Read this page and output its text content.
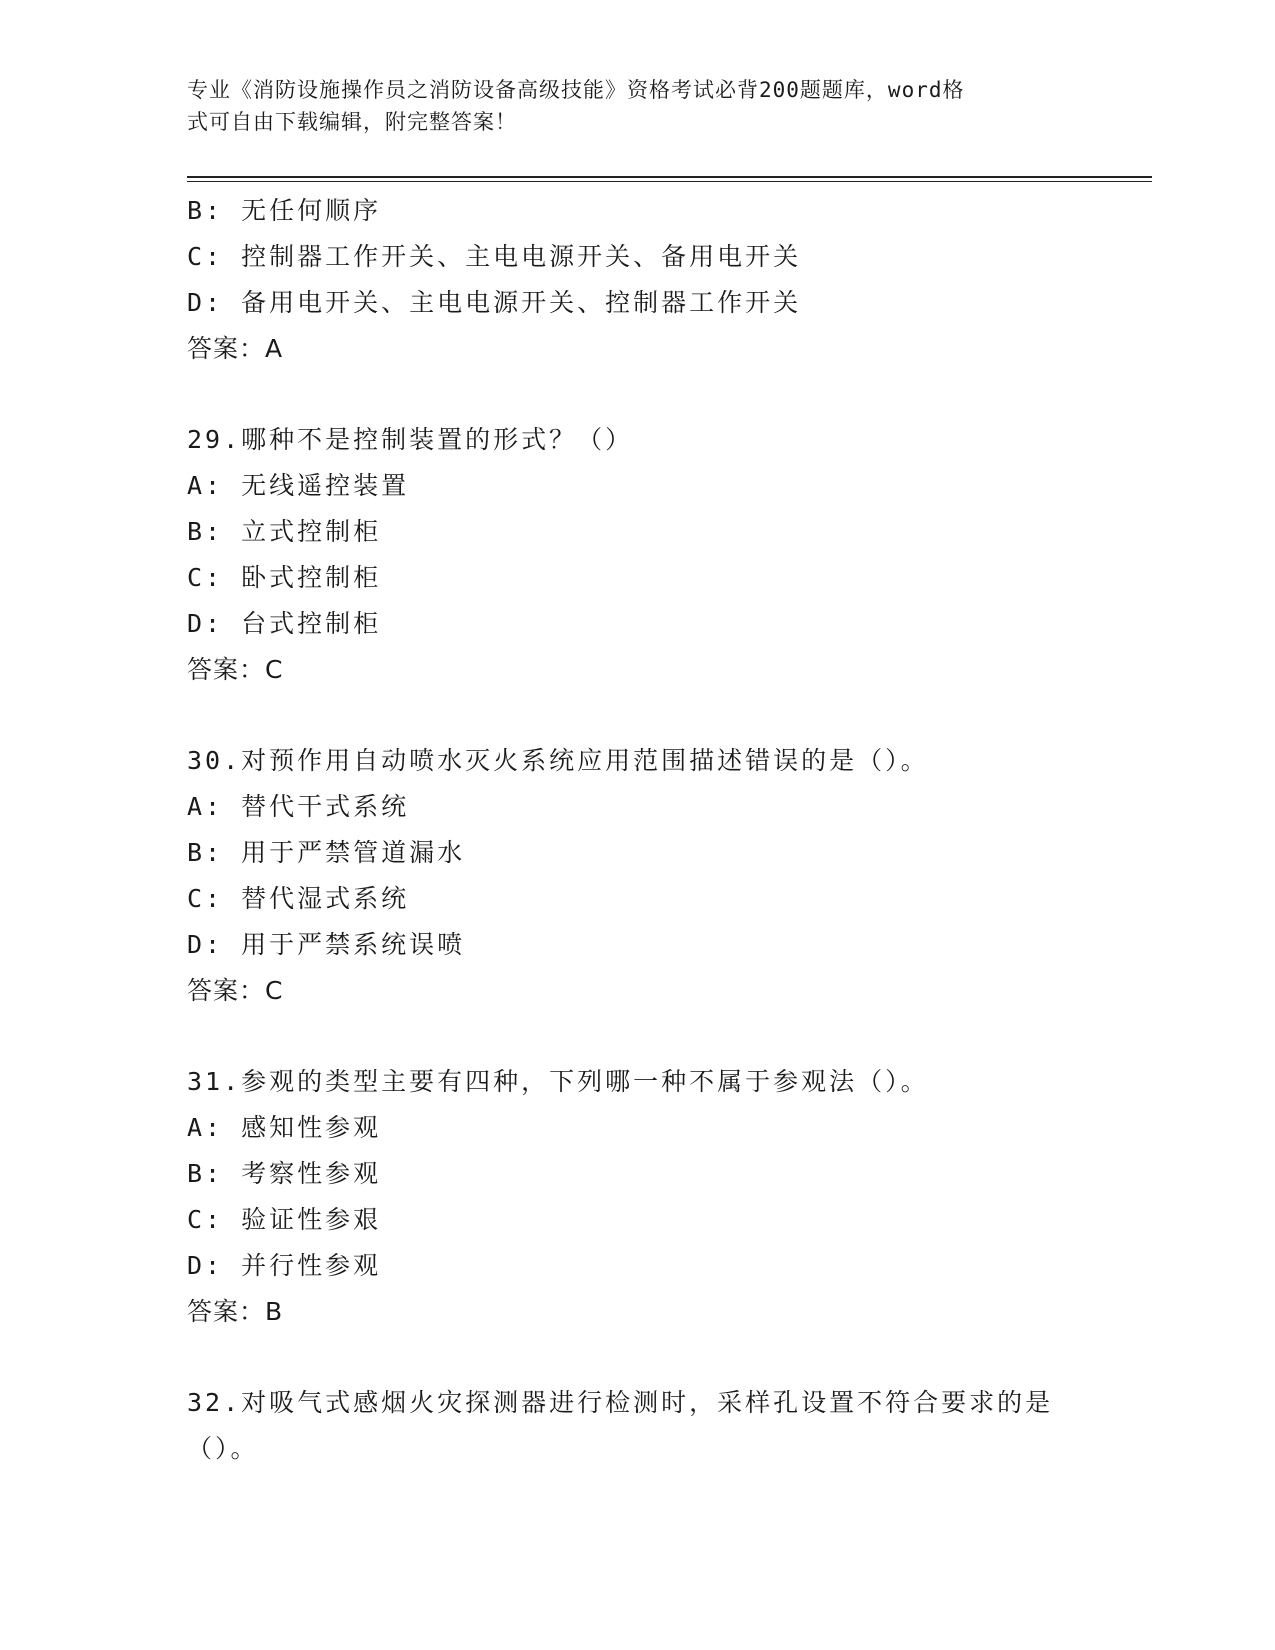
专业《消防设施操作员之消防设备高级技能》资格考试必背200题题库，word格
式可自由下载编辑，附完整答案！
B: 无任何顺序
C: 控制器工作开关、主电电源开关、备用电开关
D: 备用电开关、主电电源开关、控制器工作开关
答案：A
29.哪种不是控制装置的形式？（）
A: 无线遥控装置
B: 立式控制柜
C: 卧式控制柜
D: 台式控制柜
答案：C
30.对预作用自动喷水灭火系统应用范围描述错误的是（）。
A: 替代干式系统
B: 用于严禁管道漏水
C: 替代湿式系统
D: 用于严禁系统误喷
答案：C
31.参观的类型主要有四种，下列哪一种不属于参观法（）。
A: 感知性参观
B: 考察性参观
C: 验证性参艰
D: 并行性参观
答案：B
32.对吸气式感烟火灾探测器进行检测时，采样孔设置不符合要求的是
（）。
